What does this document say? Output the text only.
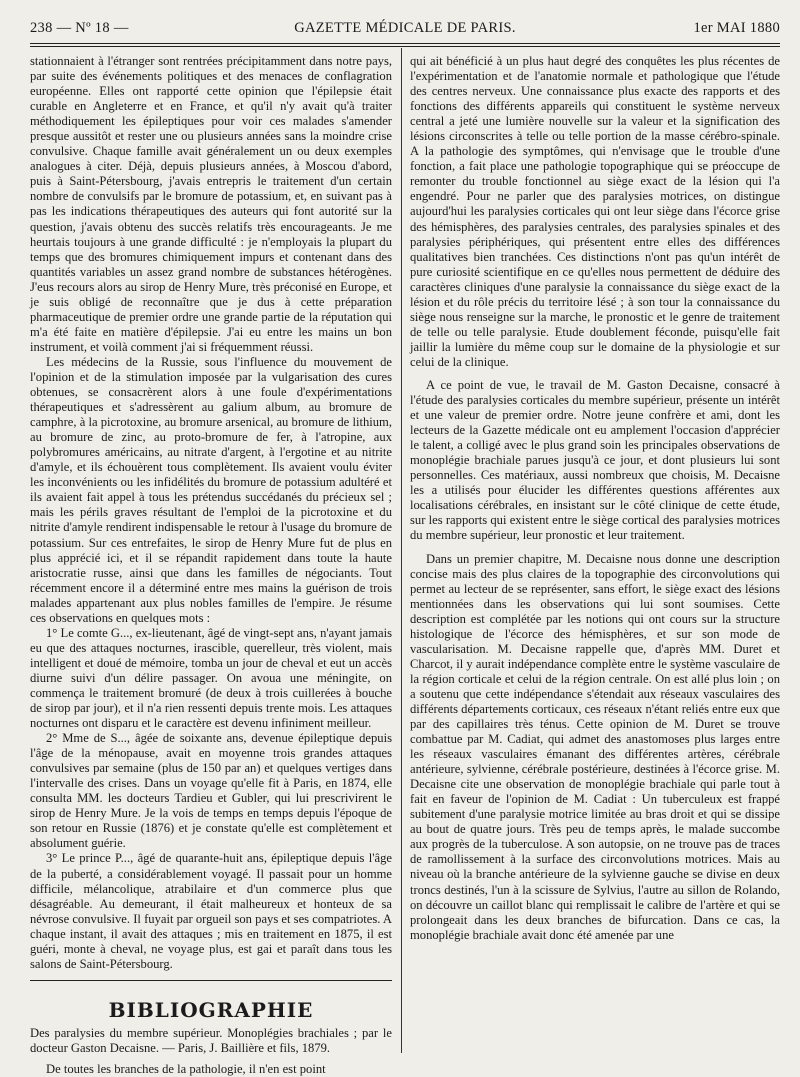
238 — Nº 18 —	GAZETTE MÉDICALE DE PARIS.	1er MAI 1880

stationnaient à l'étranger sont rentrées précipitamment dans notre pays, par suite des événements politiques et des menaces de conflagration européenne. Elles ont rapporté cette opinion que l'épilepsie était curable en Angleterre et en France, et qu'il n'y avait qu'à traiter méthodiquement les épileptiques pour voir ces malades s'amender presque aussitôt et rester une ou plusieurs années sans la moindre crise convulsive. Chaque famille avait généralement un ou deux exemples analogues à citer. Déjà, depuis plusieurs années, à Moscou d'abord, puis à Saint-Pétersbourg, j'avais entrepris le traitement d'un certain nombre de convulsifs par le bromure de potassium, et, en suivant pas à pas les indications thérapeutiques des auteurs qui font autorité sur la question, j'avais obtenu des succès relatifs très encourageants. Je me heurtais toujours à une grande difficulté : je n'employais la plupart du temps que des bromures chimiquement impurs et contenant dans des quantités variables un assez grand nombre de substances hétérogènes. J'eus recours alors au sirop de Henry Mure, très préconisé en Europe, et je suis obligé de reconnaître que je dus à cette préparation pharmaceutique de premier ordre une grande partie de la réputation qui m'a été faite en matière d'épilepsie. J'ai eu entre les mains un bon instrument, et voilà comment j'ai si fréquemment réussi.

Les médecins de la Russie, sous l'influence du mouvement de l'opinion et de la stimulation imposée par la vulgarisation des cures obtenues, se consacrèrent alors à une foule d'expérimentations thérapeutiques et s'adressèrent au galium album, au bromure de camphre, à la picrotoxine, au bromure arsenical, au bromure de lithium, au bromure de zinc, au proto-bromure de fer, à l'atropine, aux polybromures américains, au nitrate d'argent, à l'ergotine et au nitrite d'amyle, et ils échouèrent tous complètement. Ils avaient voulu éviter les inconvénients ou les infidélités du bromure de potassium adultéré et ils avaient fait appel à tous les prétendus succédanés du précieux sel ; mais les périls graves résultant de l'emploi de la picrotoxine et du nitrite d'amyle rendirent indispensable le retour à l'usage du bromure de potassium. Sur ces entrefaites, le sirop de Henry Mure fut de plus en plus apprécié ici, et il se répandit rapidement dans toute la haute aristocratie russe, ainsi que dans les familles de négociants. Tout récemment encore il a déterminé entre mes mains la guérison de trois malades appartenant aux plus nobles familles de l'empire. Je résume ces observations en quelques mots :

1° Le comte G..., ex-lieutenant, âgé de vingt-sept ans, n'ayant jamais eu que des attaques nocturnes, irascible, querelleur, très violent, mais intelligent et doué de mémoire, tomba un jour de cheval et eut un accès diurne suivi d'un délire passager. On avoua une méningite, on commença le traitement bromuré (de deux à trois cuillerées à bouche de sirop par jour), et il n'a rien ressenti depuis trente mois. Les attaques nocturnes ont disparu et le caractère est devenu infiniment meilleur.

2° Mme de S..., âgée de soixante ans, devenue épileptique depuis l'âge de la ménopause, avait en moyenne trois grandes attaques convulsives par semaine (plus de 150 par an) et quelques vertiges dans l'intervalle des crises. Dans un voyage qu'elle fit à Paris, en 1874, elle consulta MM. les docteurs Tardieu et Gubler, qui lui prescrivirent le sirop de Henry Mure. Je la vois de temps en temps depuis l'époque de son retour en Russie (1876) et je constate qu'elle est complètement et absolument guérie.

3° Le prince P..., âgé de quarante-huit ans, épileptique depuis l'âge de la puberté, a considérablement voyagé. Il passait pour un homme difficile, mélancolique, atrabilaire et d'un commerce plus que désagréable. Au demeurant, il était malheureux et honteux de sa névrose convulsive. Il fuyait par orgueil son pays et ses compatriotes. A chaque instant, il avait des attaques ; mis en traitement en 1875, il est guéri, monte à cheval, ne voyage plus, est gai et paraît dans tous les salons de Saint-Pétersbourg.

BIBLIOGRAPHIE

Des paralysies du membre supérieur. Monoplégies brachiales ; par le docteur Gaston Decaisne. — Paris, J. Baillière et fils, 1879.

De toutes les branches de la pathologie, il n'en est point

qui ait bénéficié à un plus haut degré des conquêtes les plus récentes de l'expérimentation et de l'anatomie normale et pathologique que l'étude des centres nerveux. Une connaissance plus exacte des rapports et des fonctions des différents appareils qui constituent le système nerveux central a jeté une lumière nouvelle sur la valeur et la signification des lésions circonscrites à telle ou telle portion de la masse cérébro-spinale. A la pathologie des symptômes, qui n'envisage que le trouble d'une fonction, a fait place une pathologie topographique qui se préoccupe de remonter du trouble fonctionnel au siège exact de la lésion qui l'a engendré. Pour ne parler que des paralysies motrices, on distingue aujourd'hui les paralysies corticales qui ont leur siège dans l'écorce grise des hémisphères, des paralysies centrales, des paralysies spinales et des paralysies périphériques, qui présentent entre elles des différences qualitatives bien tranchées. Ces distinctions n'ont pas qu'un intérêt de pure curiosité scientifique en ce qu'elles nous permettent de déduire des caractères cliniques d'une paralysie la connaissance du siège exact de la lésion et du rôle précis du territoire lésé ; à son tour la connaissance du siège nous renseigne sur la marche, le pronostic et le genre de traitement de telle ou telle paralysie. Etude doublement féconde, puisqu'elle fait jaillir la lumière du même coup sur le domaine de la physiologie et sur celui de la clinique.

A ce point de vue, le travail de M. Gaston Decaisne, consacré à l'étude des paralysies corticales du membre supérieur, présente un intérêt et une valeur de premier ordre. Notre jeune confrère et ami, dont les lecteurs de la Gazette médicale ont eu amplement l'occasion d'apprécier le talent, a colligé avec le plus grand soin les principales observations de monoplégie brachiale parues jusqu'à ce jour, et dont plusieurs lui sont personnelles. Ces matériaux, aussi nombreux que choisis, M. Decaisne les a utilisés pour élucider les différentes questions afférentes aux localisations cérébrales, en insistant sur le côté clinique de cette étude, sur les rapports qui existent entre le siège cortical des paralysies motrices du membre supérieur, leur pronostic et leur traitement.

Dans un premier chapitre, M. Decaisne nous donne une description concise mais des plus claires de la topographie des circonvolutions qui permet au lecteur de se représenter, sans effort, le siège exact des lésions mentionnées dans les observations qui lui sont soumises. Cette description est complétée par les notions qui ont cours sur la structure histologique de l'écorce des hémisphères, et sur son mode de vascularisation. M. Decaisne rappelle que, d'après MM. Duret et Charcot, il y aurait indépendance complète entre le système vasculaire de la région corticale et celui de la région centrale. On est allé plus loin ; on a soutenu que cette indépendance s'étendait aux réseaux vasculaires des différents départements corticaux, ces réseaux n'étant reliés entre eux que par des capillaires très ténus. Cette opinion de M. Duret se trouve combattue par M. Cadiat, qui admet des anastomoses plus larges entre les réseaux vasculaires émanant des différentes artères, cérébrale antérieure, sylvienne, cérébrale postérieure, destinées à l'écorce grise. M. Decaisne cite une observation de monoplégie brachiale qui parle tout à fait en faveur de l'opinion de M. Cadiat : Un tuberculeux est frappé subitement d'une paralysie motrice limitée au bras droit et qui se dissipe au bout de quatre jours. Très peu de temps après, le malade succombe aux progrès de la tuberculose. A son autopsie, on ne trouve pas de traces de ramollissement à la surface des circonvolutions motrices. Mais au niveau où la branche antérieure de la sylvienne gauche se divise en deux troncs destinés, l'un à la scissure de Sylvius, l'autre au sillon de Rolando, on découvre un caillot blanc qui remplissait le calibre de l'artère et qui se prolongeait dans les deux branches de bifurcation. Dans ce cas, la monoplégie brachiale avait donc été amenée par une
